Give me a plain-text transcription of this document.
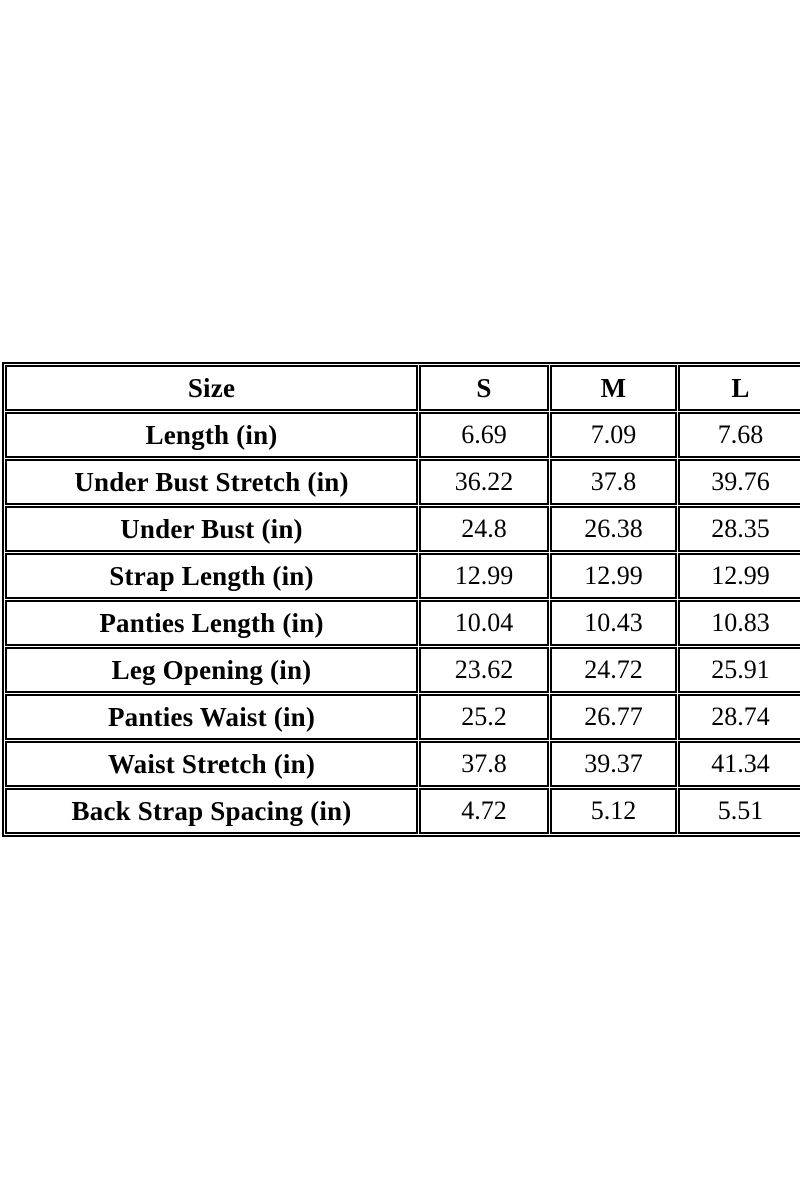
Size	S	M	L
Length (in)	6.69	7.09	7.68
Under Bust Stretch (in)	36.22	37.8	39.76
Under Bust (in)	24.8	26.38	28.35
Strap Length (in)	12.99	12.99	12.99
Panties Length (in)	10.04	10.43	10.83
Leg Opening (in)	23.62	24.72	25.91
Panties Waist (in)	25.2	26.77	28.74
Waist Stretch (in)	37.8	39.37	41.34
Back Strap Spacing (in)	4.72	5.12	5.51
